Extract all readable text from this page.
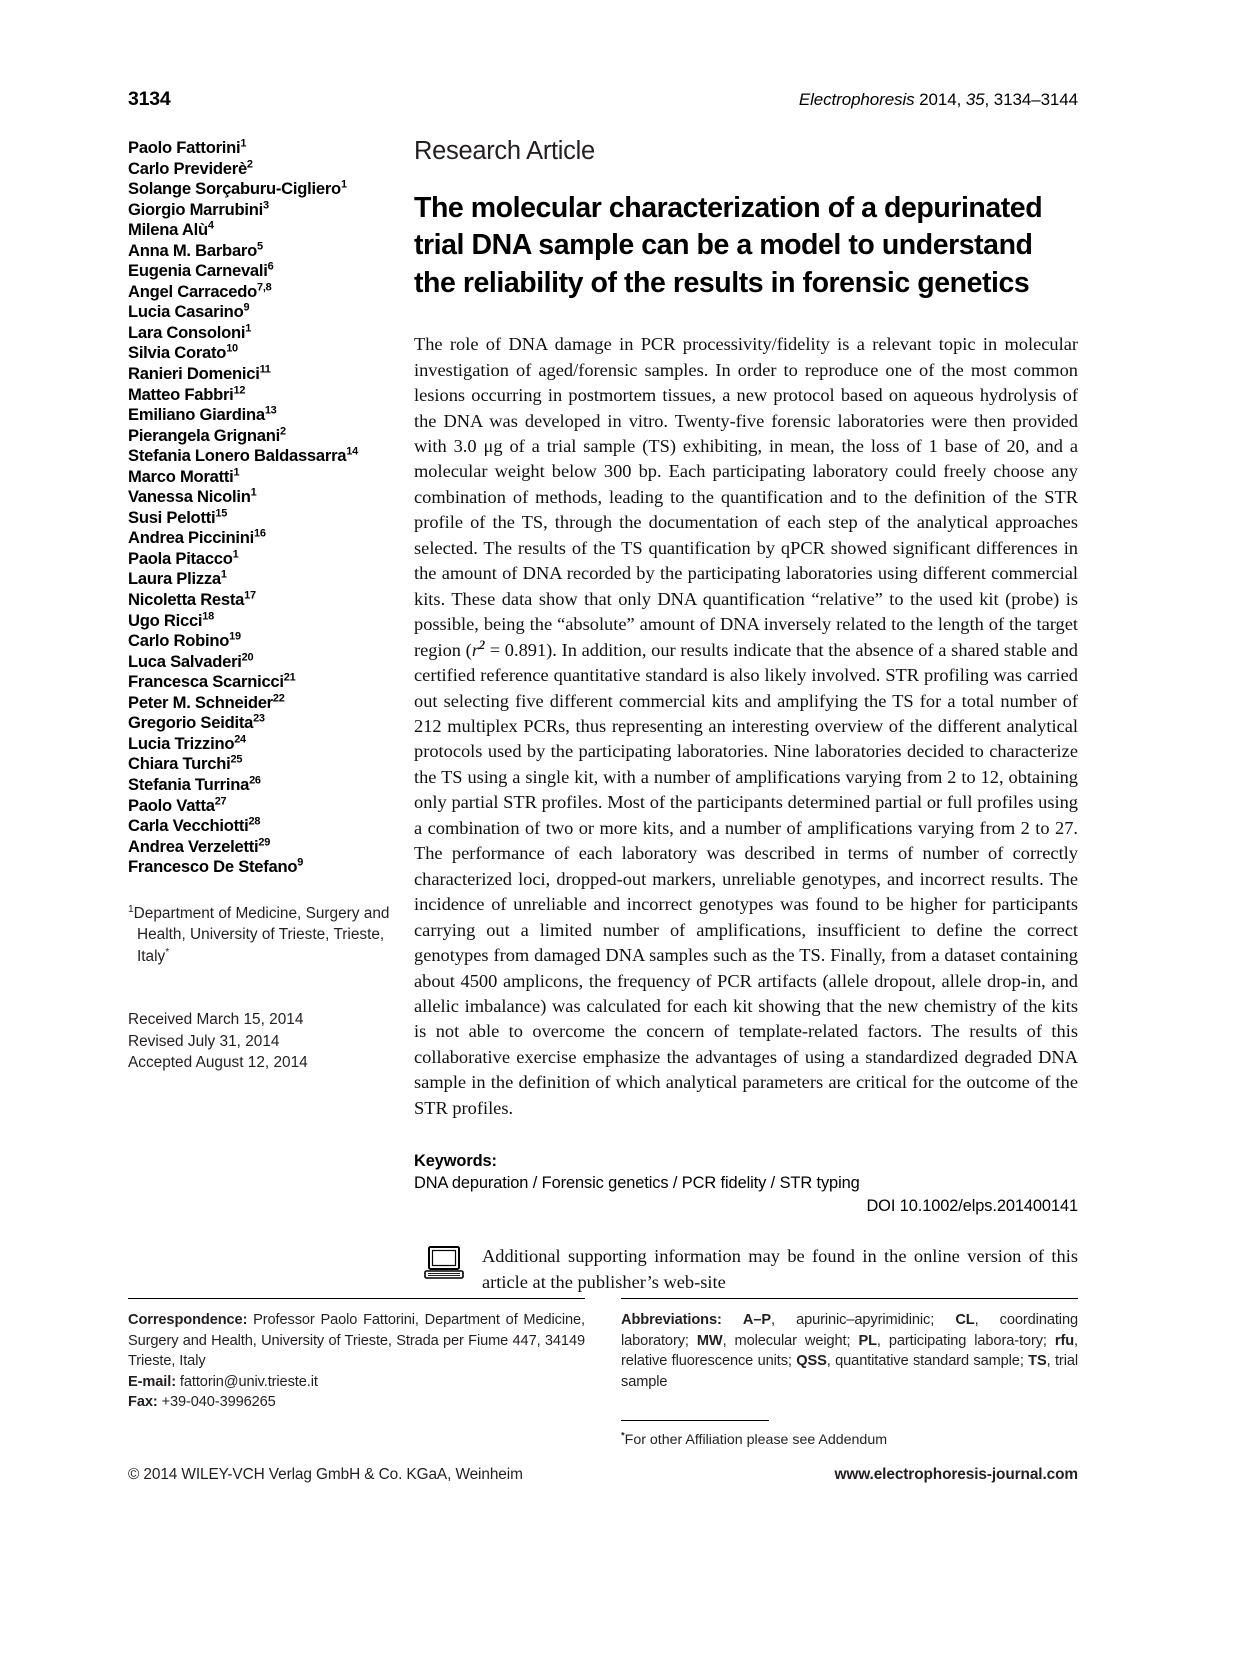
3134	Electrophoresis 2014, 35, 3134–3144
Paolo Fattorini$^1$
Carlo Previderè$^2$
Solange Sorçaburu-Cigliero$^1$
Giorgio Marrubini$^3$
Milena Alù$^4$
Anna M. Barbaro$^5$
Eugenia Carnevali$^6$
Angel Carracedo$^{7,8}$
Lucia Casarino$^9$
Lara Consoloni$^1$
Silvia Corato$^{10}$
Ranieri Domenici$^{11}$
Matteo Fabbri$^{12}$
Emiliano Giardina$^{13}$
Pierangela Grignani$^2$
Stefania Lonero Baldassarra$^{14}$
Marco Moratti$^1$
Vanessa Nicolin$^1$
Susi Pelotti$^{15}$
Andrea Piccinini$^{16}$
Paola Pitacco$^1$
Laura Plizza$^1$
Nicoletta Resta$^{17}$
Ugo Ricci$^{18}$
Carlo Robino$^{19}$
Luca Salvaderi$^{20}$
Francesca Scarnicci$^{21}$
Peter M. Schneider$^{22}$
Gregorio Seidita$^{23}$
Lucia Trizzino$^{24}$
Chiara Turchi$^{25}$
Stefania Turrina$^{26}$
Paolo Vatta$^{27}$
Carla Vecchiotti$^{28}$
Andrea Verzeletti$^{29}$
Francesco De Stefano$^9$
$^1$Department of Medicine, Surgery and Health, University of Trieste, Trieste, Italy*
Received March 15, 2014
Revised July 31, 2014
Accepted August 12, 2014
Research Article
The molecular characterization of a depurinated trial DNA sample can be a model to understand the reliability of the results in forensic genetics
The role of DNA damage in PCR processivity/fidelity is a relevant topic in molecular investigation of aged/forensic samples. In order to reproduce one of the most common lesions occurring in postmortem tissues, a new protocol based on aqueous hydrolysis of the DNA was developed in vitro. Twenty-five forensic laboratories were then provided with 3.0 μg of a trial sample (TS) exhibiting, in mean, the loss of 1 base of 20, and a molecular weight below 300 bp. Each participating laboratory could freely choose any combination of methods, leading to the quantification and to the definition of the STR profile of the TS, through the documentation of each step of the analytical approaches selected. The results of the TS quantification by qPCR showed significant differences in the amount of DNA recorded by the participating laboratories using different commercial kits. These data show that only DNA quantification “relative” to the used kit (probe) is possible, being the “absolute” amount of DNA inversely related to the length of the target region $(r^2 = 0.891)$. In addition, our results indicate that the absence of a shared stable and certified reference quantitative standard is also likely involved. STR profiling was carried out selecting five different commercial kits and amplifying the TS for a total number of 212 multiplex PCRs, thus representing an interesting overview of the different analytical protocols used by the participating laboratories. Nine laboratories decided to characterize the TS using a single kit, with a number of amplifications varying from 2 to 12, obtaining only partial STR profiles. Most of the participants determined partial or full profiles using a combination of two or more kits, and a number of amplifications varying from 2 to 27. The performance of each laboratory was described in terms of number of correctly characterized loci, dropped-out markers, unreliable genotypes, and incorrect results. The incidence of unreliable and incorrect genotypes was found to be higher for participants carrying out a limited number of amplifications, insufficient to define the correct genotypes from damaged DNA samples such as the TS. Finally, from a dataset containing about 4500 amplicons, the frequency of PCR artifacts (allele dropout, allele drop-in, and allelic imbalance) was calculated for each kit showing that the new chemistry of the kits is not able to overcome the concern of template-related factors. The results of this collaborative exercise emphasize the advantages of using a standardized degraded DNA sample in the definition of which analytical parameters are critical for the outcome of the STR profiles.
Keywords:
DNA depuration / Forensic genetics / PCR fidelity / STR typing
DOI 10.1002/elps.201400141
Additional supporting information may be found in the online version of this article at the publisher’s web-site
Correspondence: Professor Paolo Fattorini, Department of Medicine, Surgery and Health, University of Trieste, Strada per Fiume 447, 34149 Trieste, Italy
E-mail: fattorin@univ.trieste.it
Fax: +39-040-3996265
Abbreviations: A–P, apurinic–apyrimidinic; CL, coordinating laboratory; MW, molecular weight; PL, participating labora-tory; rfu, relative fluorescence units; QSS, quantitative standard sample; TS, trial sample
*For other Affiliation please see Addendum
© 2014 WILEY-VCH Verlag GmbH & Co. KGaA, Weinheim	www.electrophoresis-journal.com
